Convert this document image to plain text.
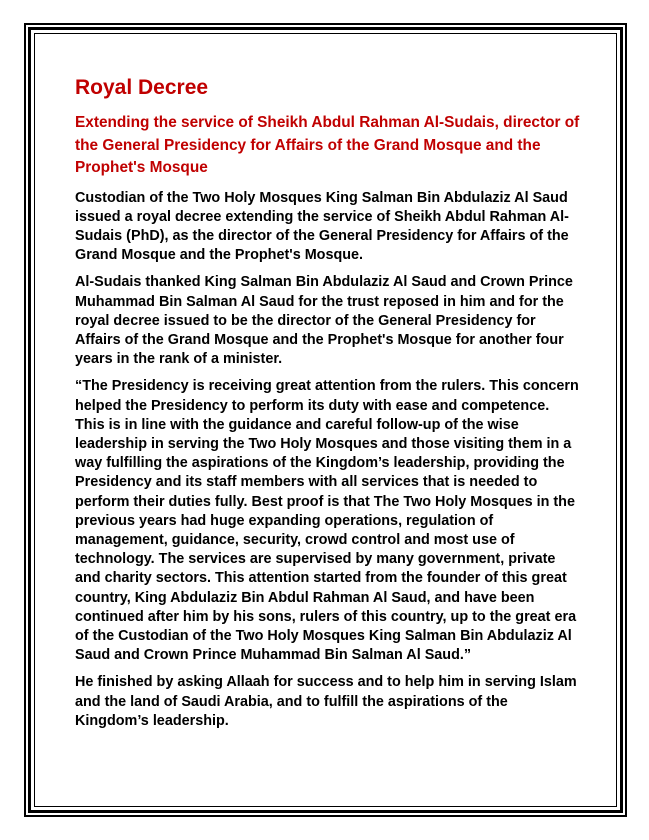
Royal Decree
Extending the service of Sheikh Abdul Rahman Al-Sudais, director of the General Presidency for Affairs of the Grand Mosque and the Prophet's Mosque

Custodian of the Two Holy Mosques King Salman Bin Abdulaziz Al Saud issued a royal decree extending the service of Sheikh Abdul Rahman Al-Sudais (PhD), as the director of the General Presidency for Affairs of the Grand Mosque and the Prophet's Mosque.

Al-Sudais thanked King Salman Bin Abdulaziz Al Saud and Crown Prince Muhammad Bin Salman Al Saud for the trust reposed in him and for the royal decree issued to be the director of the General Presidency for Affairs of the Grand Mosque and the Prophet's Mosque for another four years in the rank of a minister.

“The Presidency is receiving great attention from the rulers. This concern helped the Presidency to perform its duty with ease and competence. This is in line with the guidance and careful follow-up of the wise leadership in serving the Two Holy Mosques and those visiting them in a way fulfilling the aspirations of the Kingdom’s leadership, providing the Presidency and its staff members with all services that is needed to perform their duties fully. Best proof is that The Two Holy Mosques in the previous years had huge expanding operations, regulation of management, guidance, security, crowd control and most use of technology. The services are supervised by many government, private and charity sectors. This attention started from the founder of this great country, King Abdulaziz Bin Abdul Rahman Al Saud, and have been continued after him by his sons, rulers of this country, up to the great era of the Custodian of the Two Holy Mosques King Salman Bin Abdulaziz Al Saud and Crown Prince Muhammad Bin Salman Al Saud.”

He finished by asking Allaah for success and to help him in serving Islam and the land of Saudi Arabia, and to fulfill the aspirations of the Kingdom’s leadership.
